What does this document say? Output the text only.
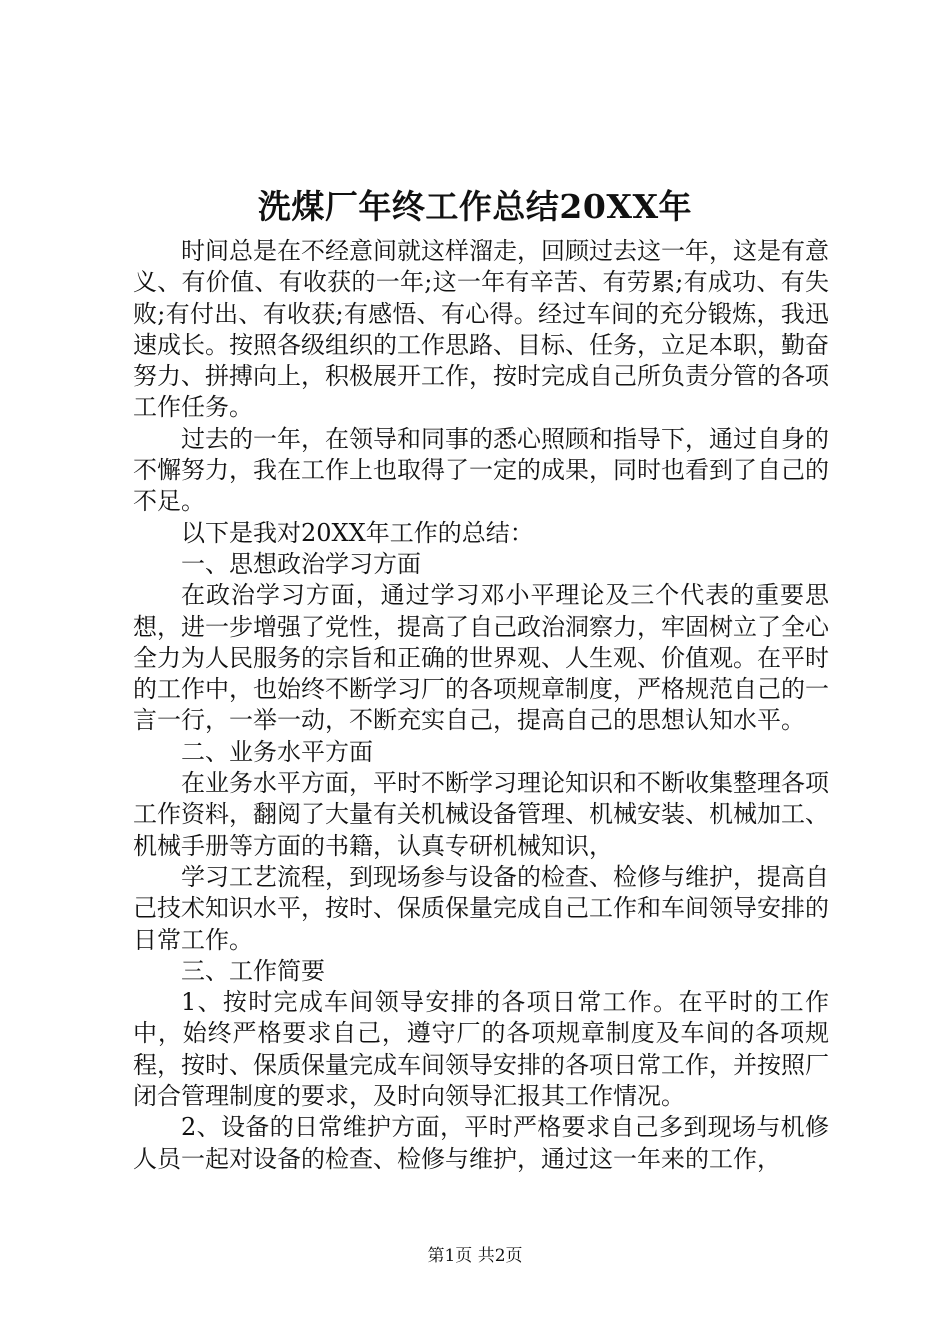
洗煤厂年终工作总结20XX年

时间总是在不经意间就这样溜走，回顾过去这一年，这是有意义、有价值、有收获的一年;这一年有辛苦、有劳累;有成功、有失败;有付出、有收获;有感悟、有心得。经过车间的充分锻炼，我迅速成长。按照各级组织的工作思路、目标、任务，立足本职，勤奋努力、拼搏向上，积极展开工作，按时完成自己所负责分管的各项工作任务。

过去的一年，在领导和同事的悉心照顾和指导下，通过自身的不懈努力，我在工作上也取得了一定的成果，同时也看到了自己的不足。

以下是我对20XX年工作的总结：

一、思想政治学习方面

在政治学习方面，通过学习邓小平理论及三个代表的重要思想，进一步增强了党性，提高了自己政治洞察力，牢固树立了全心全力为人民服务的宗旨和正确的世界观、人生观、价值观。在平时的工作中，也始终不断学习厂的各项规章制度，严格规范自己的一言一行，一举一动，不断充实自己，提高自己的思想认知水平。

二、业务水平方面

在业务水平方面，平时不断学习理论知识和不断收集整理各项工作资料，翻阅了大量有关机械设备管理、机械安装、机械加工、机械手册等方面的书籍，认真专研机械知识，

学习工艺流程，到现场参与设备的检查、检修与维护，提高自己技术知识水平，按时、保质保量完成自己工作和车间领导安排的日常工作。

三、工作简要

1、按时完成车间领导安排的各项日常工作。在平时的工作中，始终严格要求自己，遵守厂的各项规章制度及车间的各项规程，按时、保质保量完成车间领导安排的各项日常工作，并按照厂闭合管理制度的要求，及时向领导汇报其工作情况。

2、设备的日常维护方面，平时严格要求自己多到现场与机修人员一起对设备的检查、检修与维护，通过这一年来的工作，

第1页 共2页
